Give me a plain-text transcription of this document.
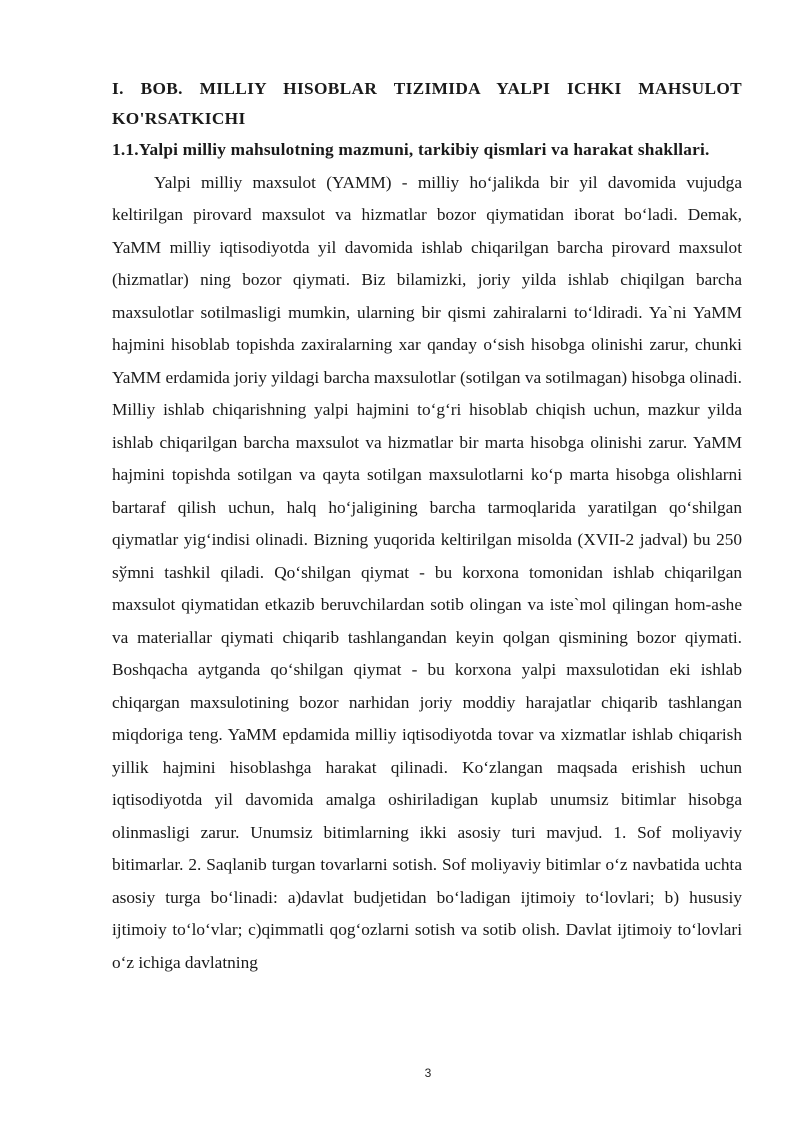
I. BOB. MILLIY HISOBLAR TIZIMIDA YALPI ICHKI MAHSULOT KO'RSATKICHI

1.1.Yalpi milliy mahsulotning mazmuni, tarkibiy qismlari va harakat shakllari.

Yalpi milliy maxsulot (YAMM) - milliy ho‘jalikda bir yil davomida vujudga keltirilgan pirovard maxsulot va hizmatlar bozor qiymatidan iborat bo‘ladi. Demak, YaMM milliy iqtisodiyotda yil davomida ishlab chiqarilgan barcha pirovard maxsulot (hizmatlar) ning bozor qiymati. Biz bilamizki, joriy yilda ishlab chiqilgan barcha maxsulotlar sotilmasligi mumkin, ularning bir qismi zahiralarni to‘ldiradi. Ya`ni YaMM hajmini hisoblab topishda zaxiralarning xar qanday o‘sish hisobga olinishi zarur, chunki YaMM erdamida joriy yildagi barcha maxsulotlar (sotilgan va sotilmagan) hisobga olinadi. Milliy ishlab chiqarishning yalpi hajmini to‘g‘ri hisoblab chiqish uchun, mazkur yilda ishlab chiqarilgan barcha maxsulot va hizmatlar bir marta hisobga olinishi zarur. YaMM hajmini topishda sotilgan va qayta sotilgan maxsulotlarni ko‘p marta hisobga olishlarni bartaraf qilish uchun, halq ho‘jaligining barcha tarmoqlarida yaratilgan qo‘shilgan qiymatlar yig‘indisi olinadi. Bizning yuqorida keltirilgan misolda (XVII-2 jadval) bu 250 sўmni tashkil qiladi. Qo‘shilgan qiymat - bu korxona tomonidan ishlab chiqarilgan maxsulot qiymatidan etkazib beruvchilardan sotib olingan va iste`mol qilingan hom-ashe va materiallar qiymati chiqarib tashlangandan keyin qolgan qismining bozor qiymati. Boshqacha aytganda qo‘shilgan qiymat - bu korxona yalpi maxsulotidan eki ishlab chiqargan maxsulotining bozor narhidan joriy moddiy harajatlar chiqarib tashlangan miqdoriga teng. YaMM epdamida milliy iqtisodiyotda tovar va xizmatlar ishlab chiqarish yillik hajmini hisoblashga harakat qilinadi. Ko‘zlangan maqsada erishish uchun iqtisodiyotda yil davomida amalga oshiriladigan kuplab unumsiz bitimlar hisobga olinmasligi zarur. Unumsiz bitimlarning ikki asosiy turi mavjud. 1. Sof moliyaviy bitimarlar. 2. Saqlanib turgan tovarlarni sotish. Sof moliyaviy bitimlar o‘z navbatida uchta asosiy turga bo‘linadi: a)davlat budjetidan bo‘ladigan ijtimoiy to‘lovlari; b) hususiy ijtimoiy to‘lo‘vlar; c)qimmatli qog‘ozlarni sotish va sotib olish. Davlat ijtimoiy to‘lovlari o‘z ichiga davlatning

3
